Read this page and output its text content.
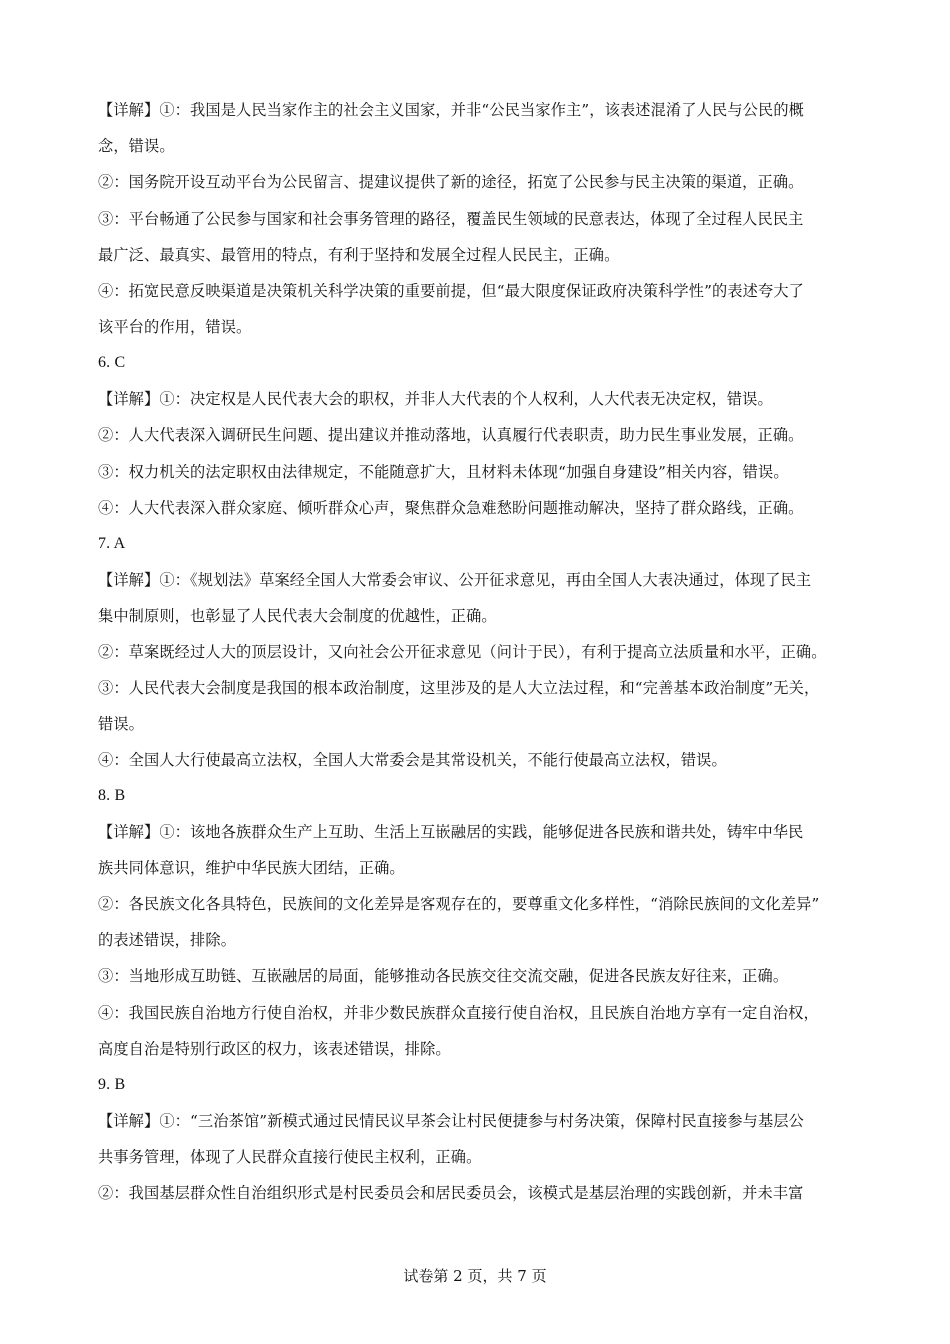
【详解】①：我国是人民当家作主的社会主义国家，并非“公民当家作主”，该表述混淆了人民与公民的概
念，错误。
②：国务院开设互动平台为公民留言、提建议提供了新的途径，拓宽了公民参与民主决策的渠道，正确。
③：平台畅通了公民参与国家和社会事务管理的路径，覆盖民生领域的民意表达，体现了全过程人民民主
最广泛、最真实、最管用的特点，有利于坚持和发展全过程人民民主，正确。
④：拓宽民意反映渠道是决策机关科学决策的重要前提，但“最大限度保证政府决策科学性”的表述夸大了
该平台的作用，错误。
6. C
【详解】①：决定权是人民代表大会的职权，并非人大代表的个人权利，人大代表无决定权，错误。
②：人大代表深入调研民生问题、提出建议并推动落地，认真履行代表职责，助力民生事业发展，正确。
③：权力机关的法定职权由法律规定，不能随意扩大，且材料未体现“加强自身建设”相关内容，错误。
④：人大代表深入群众家庭、倾听群众心声，聚焦群众急难愁盼问题推动解决，坚持了群众路线，正确。
7. A
【详解】①：《规划法》草案经全国人大常委会审议、公开征求意见，再由全国人大表决通过，体现了民主
集中制原则，也彰显了人民代表大会制度的优越性，正确。
②：草案既经过人大的顶层设计，又向社会公开征求意见（问计于民），有利于提高立法质量和水平，正确。
③：人民代表大会制度是我国的根本政治制度，这里涉及的是人大立法过程，和“完善基本政治制度”无关，
错误。
④：全国人大行使最高立法权，全国人大常委会是其常设机关，不能行使最高立法权，错误。
8. B
【详解】①：该地各族群众生产上互助、生活上互嵌融居的实践，能够促进各民族和谐共处，铸牢中华民
族共同体意识，维护中华民族大团结，正确。
②：各民族文化各具特色，民族间的文化差异是客观存在的，要尊重文化多样性，“消除民族间的文化差异”
的表述错误，排除。
③：当地形成互助链、互嵌融居的局面，能够推动各民族交往交流交融，促进各民族友好往来，正确。
④：我国民族自治地方行使自治权，并非少数民族群众直接行使自治权，且民族自治地方享有一定自治权，
高度自治是特别行政区的权力，该表述错误，排除。
9. B
【详解】①：“三治茶馆”新模式通过民情民议早茶会让村民便捷参与村务决策，保障村民直接参与基层公
共事务管理，体现了人民群众直接行使民主权利，正确。
②：我国基层群众性自治组织形式是村民委员会和居民委员会，该模式是基层治理的实践创新，并未丰富
试卷第 2 页，共 7 页
